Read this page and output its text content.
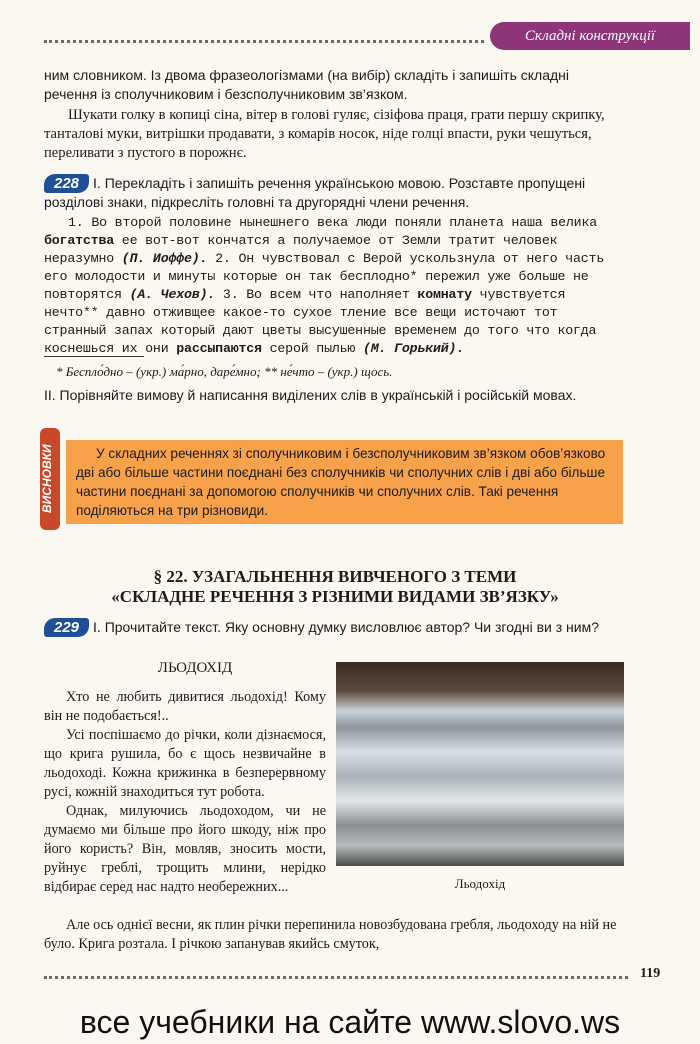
Складні конструкції
ним словником. Із двома фразеологізмами (на вибір) складіть і запишіть складні речення із сполучниковим і безсполучниковим зв’язком.
Шукати голку в копиці сіна, вітер в голові гуляє, сізіфова праця, грати першу скрипку, танталові муки, витрішки продавати, з комарів носок, ніде голці впасти, руки чешуться, переливати з пустого в порожнє.
228 І. Перекладіть і запишіть речення українською мовою. Розставте пропущені розділові знаки, підкресліть головні та другорядні члени речення.
1. Во второй половине нынешнего века люди поняли планета наша велика богатства ее вот-вот кончатся а получаемое от Земли тратит человек неразумно (П. Иоффе). 2. Он чувствовал с Верой ускользнула от него часть его молодости и минуты которые он так бесплодно* пережил уже больше не повторятся (А. Чехов). 3. Во всем что наполняет комнату чувствуется нечто** давно отживщее какое-то сухое тление все вещи источают тот странный запах который дают цветы высушенные временем до того что когда коснешься их они рассыпаются серой пылью (М. Горький).
* Беспло́дно – (укр.) ма́рно, даре́мно; ** не́что – (укр.) щось.
ІІ. Порівняйте вимову й написання виділених слів в українській і російській мовах.
ВИСНОВКИ	У складних реченнях зі сполучниковим і безсполучниковим зв’язком обов’язково дві або більше частини поєднані без сполучників чи сполучних слів і дві або більше частини поєднані за допомогою сполучників чи сполучних слів. Такі речення поділяються на три різновиди.
§ 22. УЗАГАЛЬНЕННЯ ВИВЧЕНОГО З ТЕМИ
«СКЛАДНЕ РЕЧЕННЯ З РІЗНИМИ ВИДАМИ ЗВ’ЯЗКУ»
229 І. Прочитайте текст. Яку основну думку висловлює автор? Чи згодні ви з ним?
ЛЬОДОХІД

Хто не любить дивитися льодохід! Кому він не подобається!..

Усі поспішаємо до річки, коли дізнаємося, що крига рушила, бо є щось незвичайне в льодоході. Кожна крижинка в безперервному русі, кожній знаходиться тут робота.

Однак, милуючись льодоходом, чи не думаємо ми більше про його шкоду, ніж про його користь? Він, мовляв, зносить мости, руйнує греблі, трощить млини, нерідко відбирає серед нас надто необережних...	Льодохід
Але ось однієї весни, як плин річки перепинила новозбудована гребля, льодоходу на ній не було. Крига розтала. І річкою запанував якийсь смуток,
119
все учебники на сайте www.slovo.ws
